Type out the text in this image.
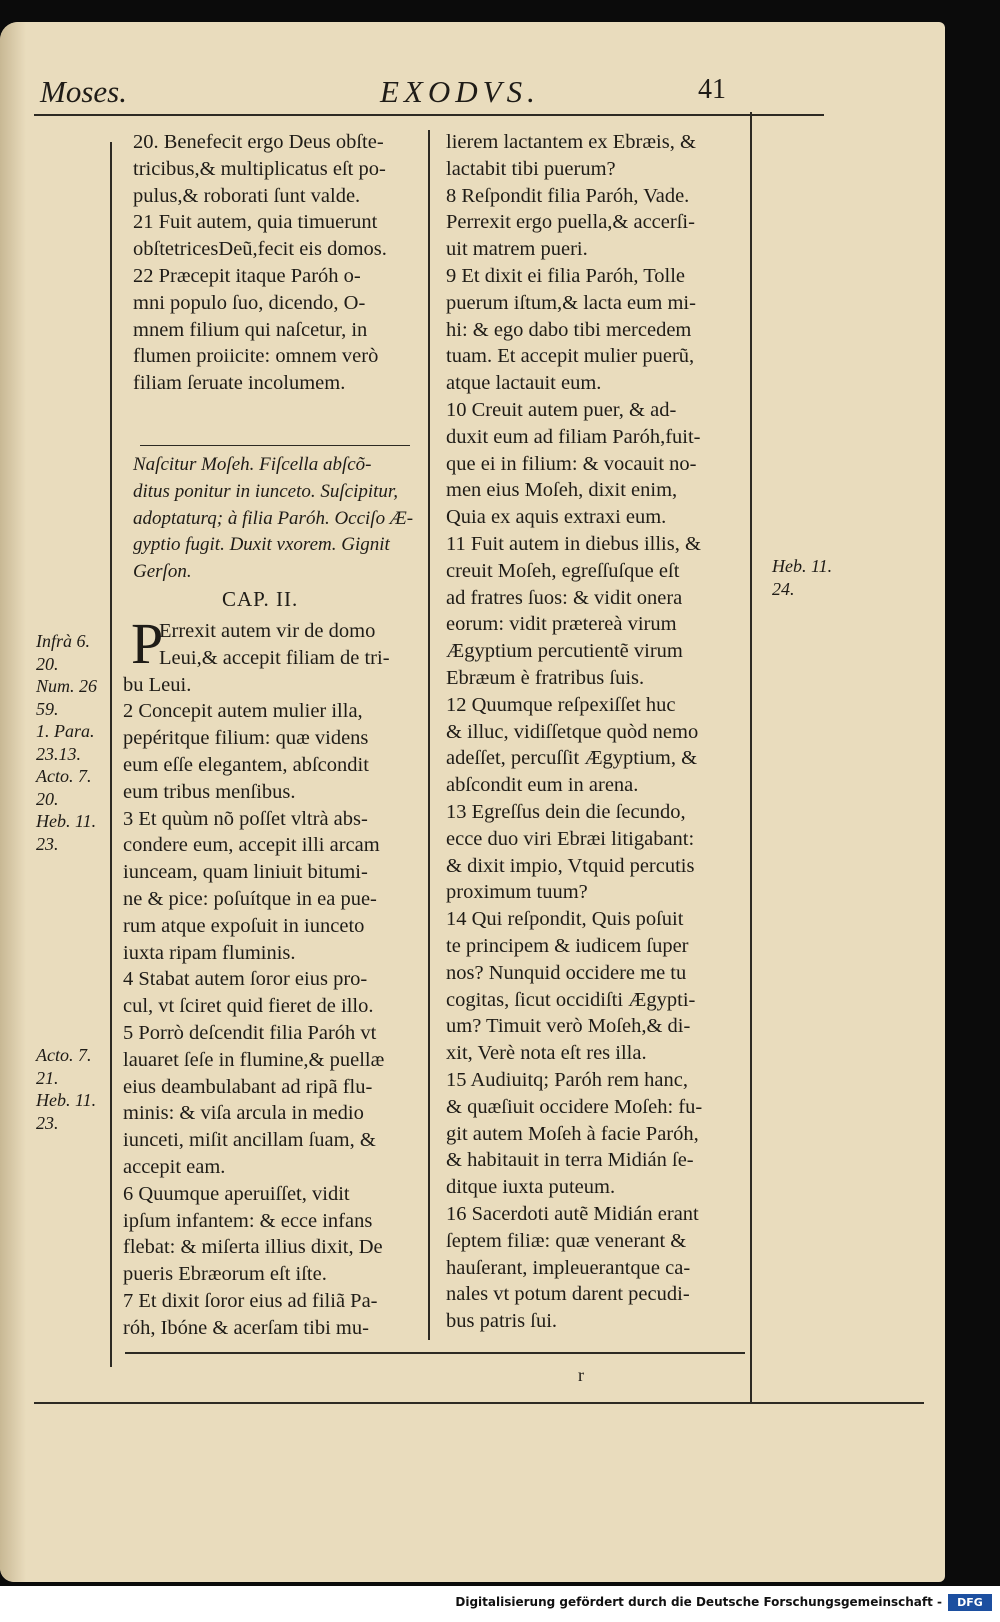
Moses.	EXODVS.	41
20. Benefecit ergo Deus obſte-
tricibus,& multiplicatus eſt po-
pulus,& roborati ſunt valde.
21 Fuit autem, quia timuerunt
obſtetricesDeũ,fecit eis domos.
22 Præcepit itaque Paróh o-
mni populo ſuo, dicendo, O-
mnem filium qui naſcetur, in
flumen proiicite: omnem verò
filiam ſeruate incolumem.
Naſcitur Moſeh. Fiſcella abſcõ-
ditus ponitur in iunceto. Suſcipitur,
adoptaturq; à filia Paróh. Occiſo Æ-
gyptio fugit. Duxit vxorem. Gignit
Gerſon.
CAP. II.
P
Errexit autem vir de domo
Leui,& accepit filiam de tri-
bu Leui.
2 Concepit autem mulier illa,
pepéritque filium: quæ videns
eum eſſe elegantem, abſcondit
eum tribus menſibus.
3 Et quùm nõ poſſet vltrà abs-
condere eum, accepit illi arcam
iunceam, quam liniuit bitumi-
ne & pice: poſuítque in ea pue-
rum atque expoſuit in iunceto
iuxta ripam fluminis.
4 Stabat autem ſoror eius pro-
cul, vt ſciret quid fieret de illo.
5 Porrò deſcendit filia Paróh vt
lauaret ſeſe in flumine,& puellæ
eius deambulabant ad ripã flu-
minis: & viſa arcula in medio
iunceti, miſit ancillam ſuam, &
accepit eam.
6 Quumque aperuiſſet, vidit
ipſum infantem: & ecce infans
flebat: & miſerta illius dixit, De
pueris Ebræorum eſt iſte.
7 Et dixit ſoror eius ad filiã Pa-
róh, Ibóne & acerſam tibi mu-
lierem lactantem ex Ebræis, &
lactabit tibi puerum?
8 Reſpondit filia Paróh, Vade.
Perrexit ergo puella,& accerſi-
uit matrem pueri.
9 Et dixit ei filia Paróh, Tolle
puerum iſtum,& lacta eum mi-
hi: & ego dabo tibi mercedem
tuam. Et accepit mulier puerũ,
atque lactauit eum.
10 Creuit autem puer, & ad-
duxit eum ad filiam Paróh,fuit-
que ei in filium: & vocauit no-
men eius Moſeh, dixit enim,
Quia ex aquis extraxi eum.
11 Fuit autem in diebus illis, &
creuit Moſeh, egreſſuſque eſt
ad fratres ſuos: & vidit onera
eorum: vidit prætereà virum
Ægyptium percutientẽ virum
Ebræum è fratribus ſuis.
12 Quumque reſpexiſſet huc
& illuc, vidiſſetque quòd nemo
adeſſet, percuſſit Ægyptium, &
abſcondit eum in arena.
13 Egreſſus dein die ſecundo,
ecce duo viri Ebræi litigabant:
& dixit impio, Vtquid percutis
proximum tuum?
14 Qui reſpondit, Quis poſuit
te principem & iudicem ſuper
nos? Nunquid occidere me tu
cogitas, ſicut occidiſti Ægypti-
um? Timuit verò Moſeh,& di-
xit, Verè nota eſt res illa.
15 Audiuitq; Paróh rem hanc,
& quæſiuit occidere Moſeh: fu-
git autem Moſeh à facie Paróh,
& habitauit in terra Midián ſe-
ditque iuxta puteum.
16 Sacerdoti autẽ Midián erant
ſeptem filiæ: quæ venerant &
hauſerant, impleuerantque ca-
nales vt potum darent pecudi-
bus patris ſui.
Infrà 6.
20.
Num. 26
59.
1. Para.
23.13.
Acto. 7.
20.
Heb. 11.
23.
Acto. 7.
21.
Heb. 11.
23.
Heb. 11.
24.
r
Digitalisierung gefördert durch die Deutsche Forschungsgemeinschaft -	DFG
